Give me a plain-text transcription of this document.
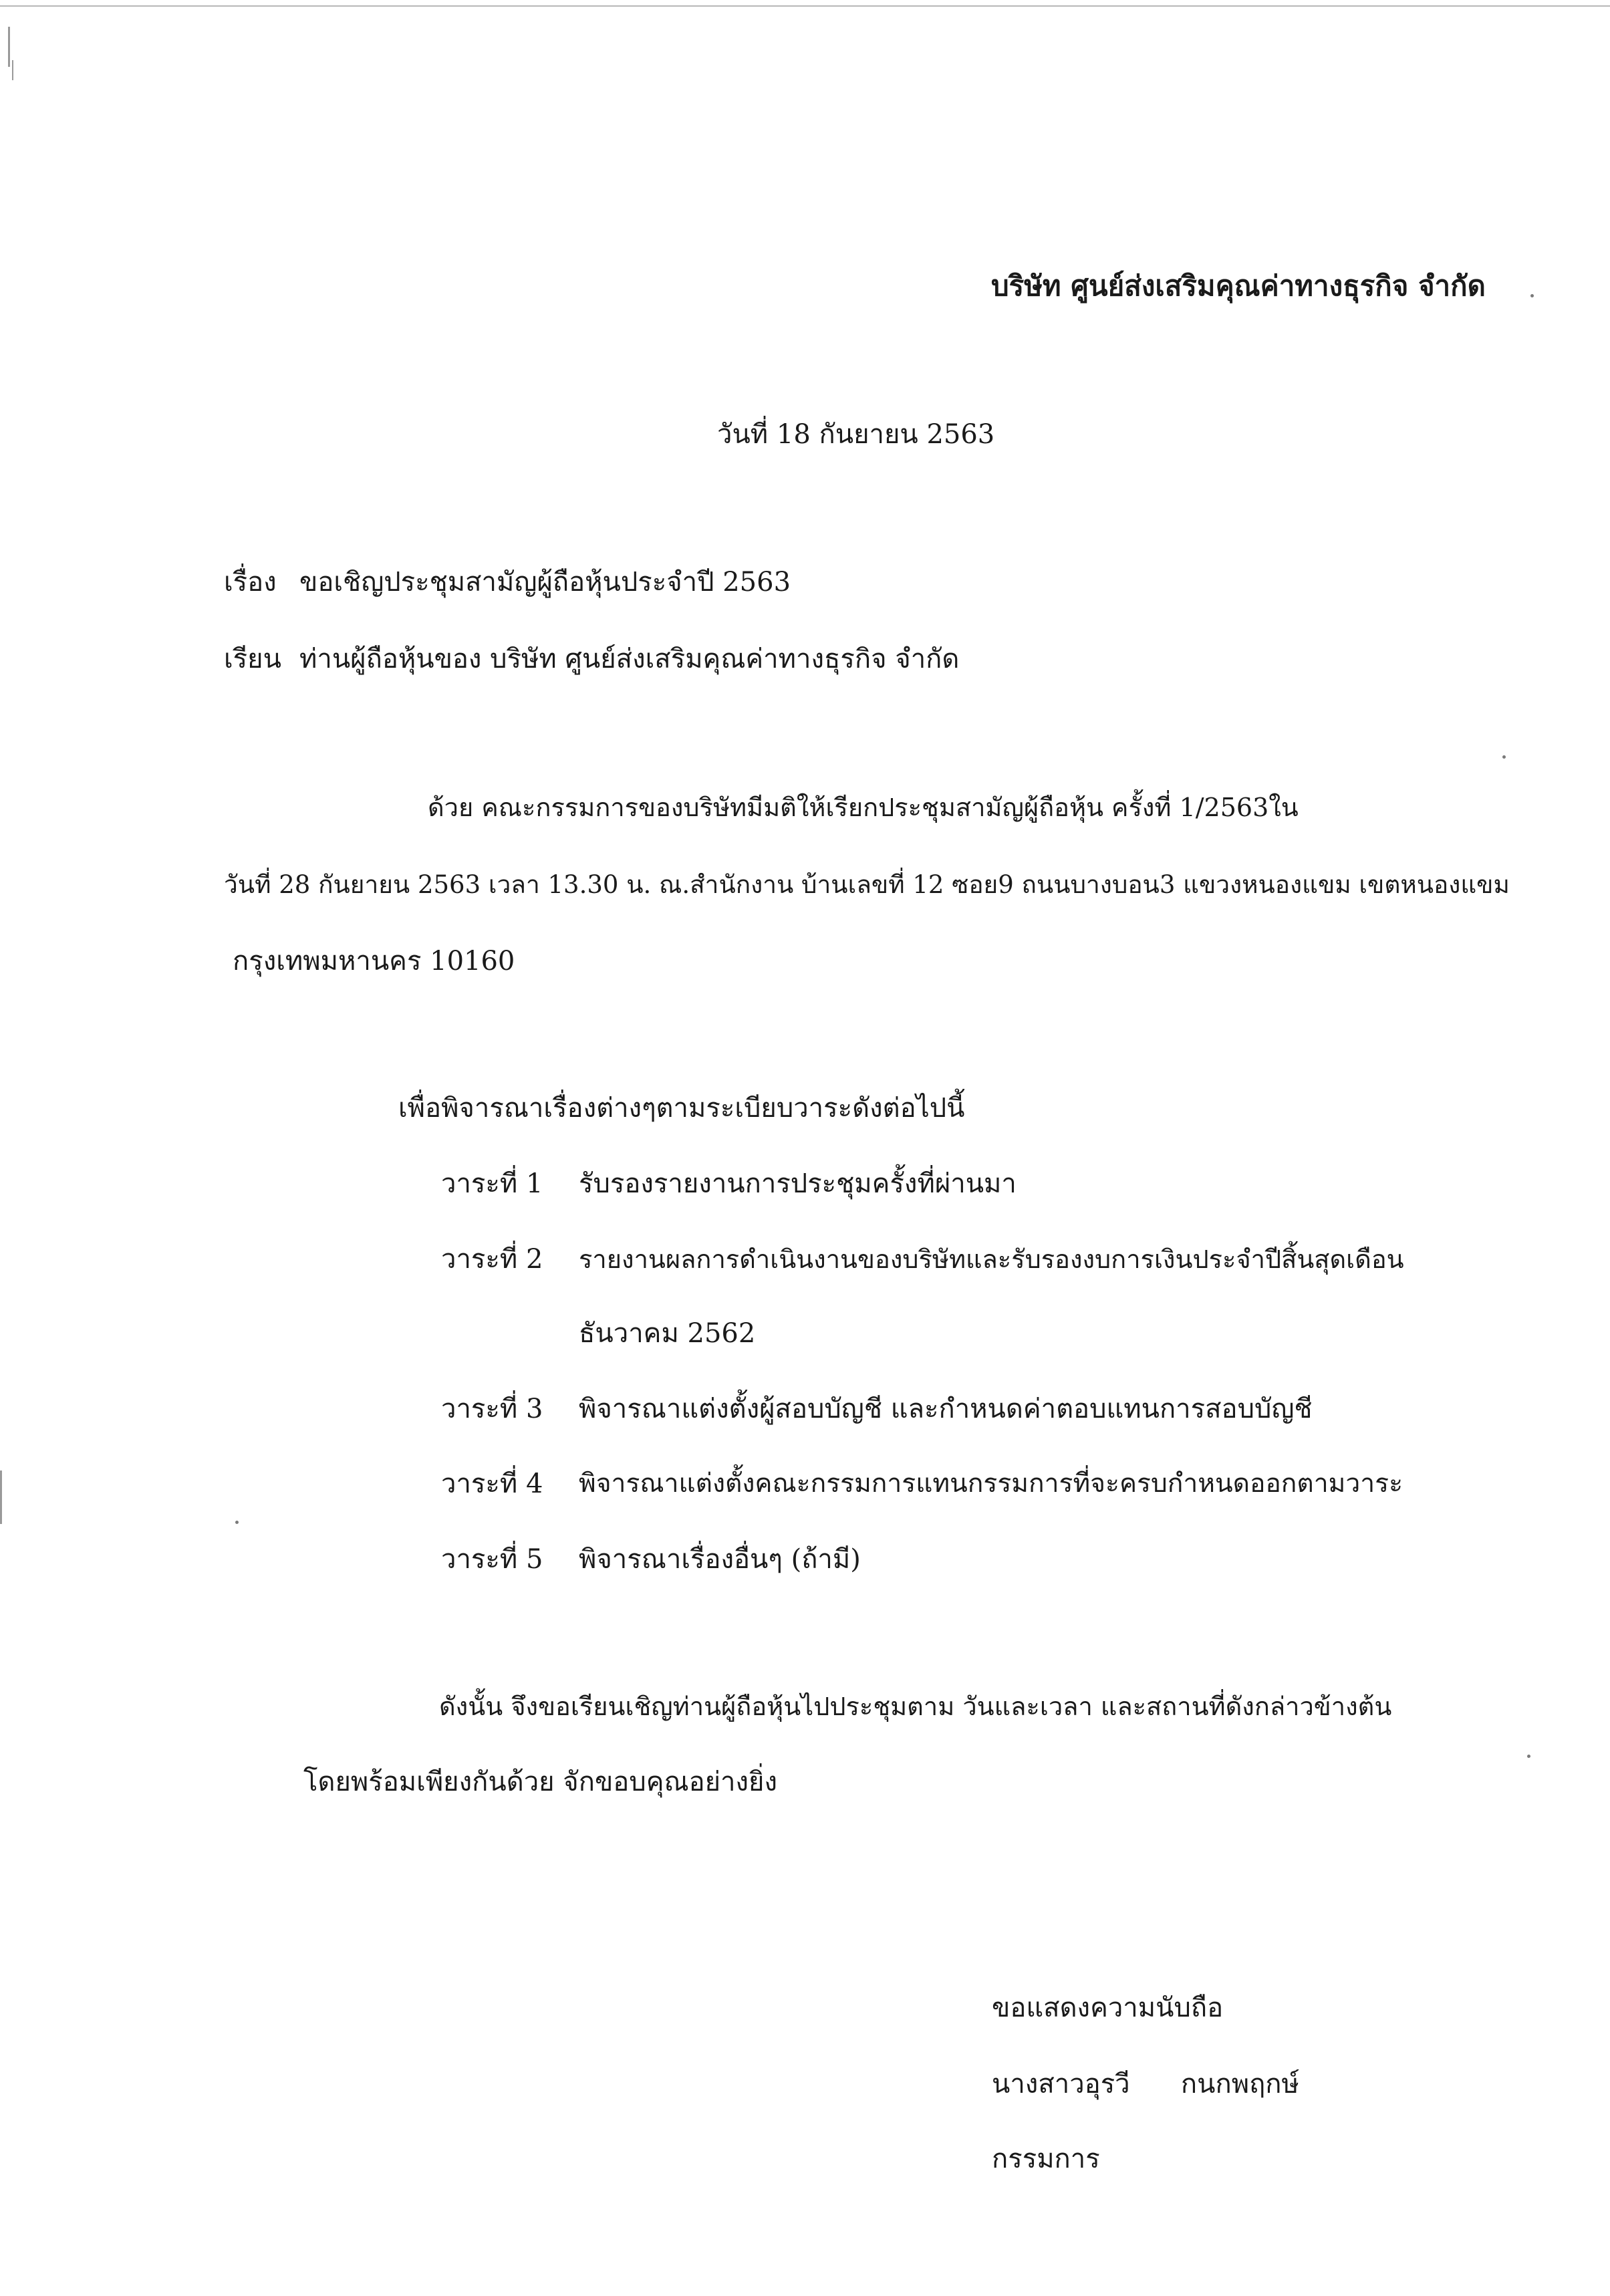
บริษัท ศูนย์ส่งเสริมคุณค่าทางธุรกิจ จำกัด
วันที่ 18 กันยายน 2563
เรื่อง ขอเชิญประชุมสามัญผู้ถือหุ้นประจำปี 2563
เรียน ท่านผู้ถือหุ้นของ บริษัท ศูนย์ส่งเสริมคุณค่าทางธุรกิจ จำกัด
ด้วย คณะกรรมการของบริษัทมีมติให้เรียกประชุมสามัญผู้ถือหุ้น ครั้งที่ 1/2563ใน
วันที่ 28 กันยายน 2563 เวลา 13.30 น. ณ.สำนักงาน บ้านเลขที่ 12 ซอย9 ถนนบางบอน3 แขวงหนองแขม เขตหนองแขม
กรุงเทพมหานคร 10160
เพื่อพิจารณาเรื่องต่างๆตามระเบียบวาระดังต่อไปนี้
วาระที่ 1 รับรองรายงานการประชุมครั้งที่ผ่านมา
วาระที่ 2 รายงานผลการดำเนินงานของบริษัทและรับรองงบการเงินประจำปีสิ้นสุดเดือน
ธันวาคม 2562
วาระที่ 3 พิจารณาแต่งตั้งผู้สอบบัญชี และกำหนดค่าตอบแทนการสอบบัญชี
วาระที่ 4 พิจารณาแต่งตั้งคณะกรรมการแทนกรรมการที่จะครบกำหนดออกตามวาระ
วาระที่ 5 พิจารณาเรื่องอื่นๆ (ถ้ามี)
ดังนั้น จึงขอเรียนเชิญท่านผู้ถือหุ้นไปประชุมตาม วันและเวลา และสถานที่ดังกล่าวข้างต้น
โดยพร้อมเพียงกันด้วย จักขอบคุณอย่างยิ่ง
ขอแสดงความนับถือ
นางสาวอุรวี      กนกพฤกษ์
กรรมการ
